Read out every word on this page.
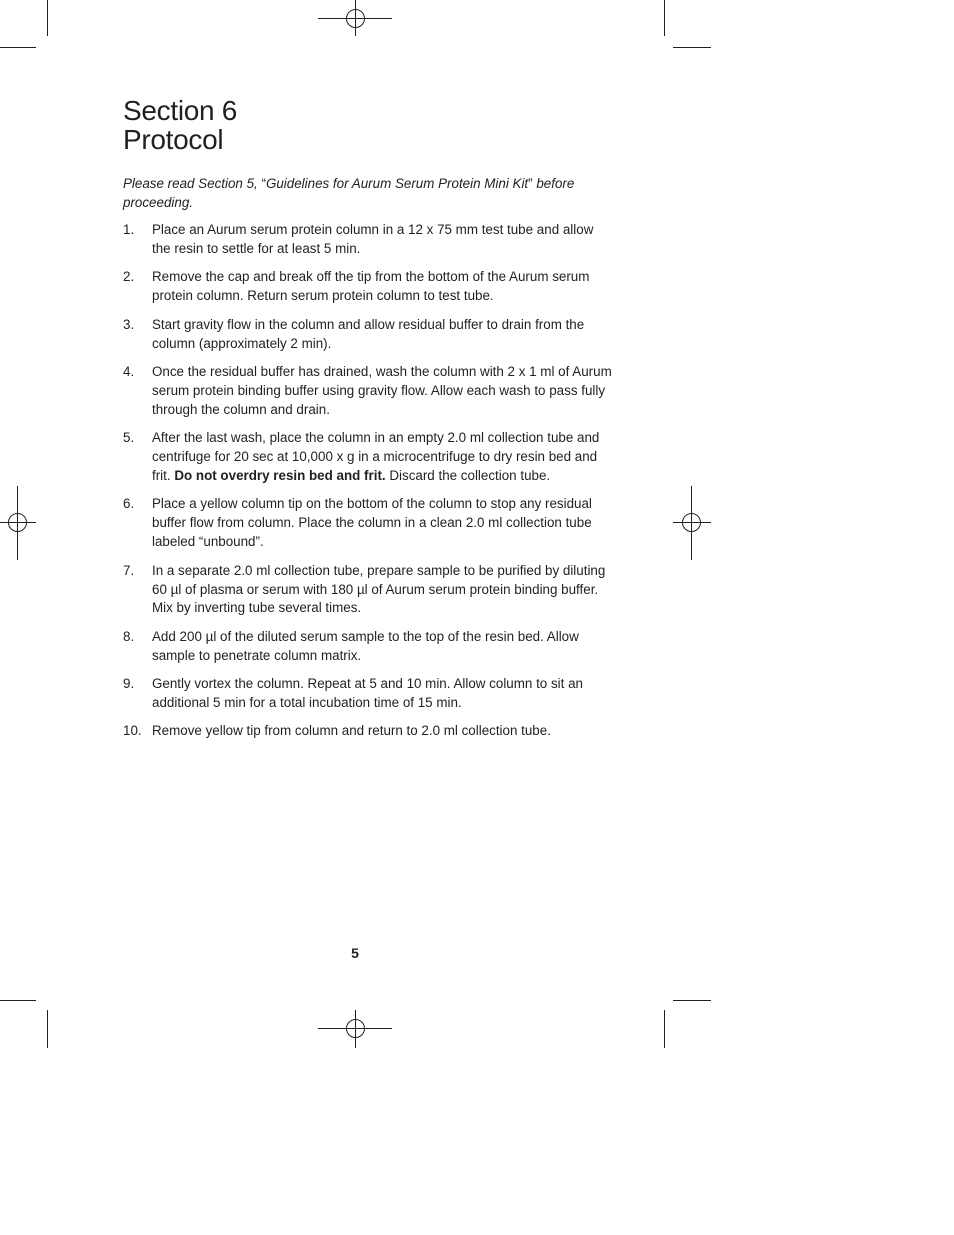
Section 6
Protocol

Please read Section 5, “Guidelines for Aurum Serum Protein Mini Kit” before proceeding.

1. Place an Aurum serum protein column in a 12 x 75 mm test tube and allow the resin to settle for at least 5 min.
2. Remove the cap and break off the tip from the bottom of the Aurum serum protein column. Return serum protein column to test tube.
3. Start gravity flow in the column and allow residual buffer to drain from the column (approximately 2 min).
4. Once the residual buffer has drained, wash the column with 2 x 1 ml of Aurum serum protein binding buffer using gravity flow. Allow each wash to pass fully through the column and drain.
5. After the last wash, place the column in an empty 2.0 ml collection tube and centrifuge for 20 sec at 10,000 x g in a microcentrifuge to dry resin bed and frit. Do not overdry resin bed and frit. Discard the collection tube.
6. Place a yellow column tip on the bottom of the column to stop any residual buffer flow from column. Place the column in a clean 2.0 ml collection tube labeled “unbound”.
7. In a separate 2.0 ml collection tube, prepare sample to be purified by diluting 60 µl of plasma or serum with 180 µl of Aurum serum protein binding buffer. Mix by inverting tube several times.
8. Add 200 µl of the diluted serum sample to the top of the resin bed. Allow sample to penetrate column matrix.
9. Gently vortex the column. Repeat at 5 and 10 min. Allow column to sit an additional 5 min for a total incubation time of 15 min.
10. Remove yellow tip from column and return to 2.0 ml collection tube.
5
